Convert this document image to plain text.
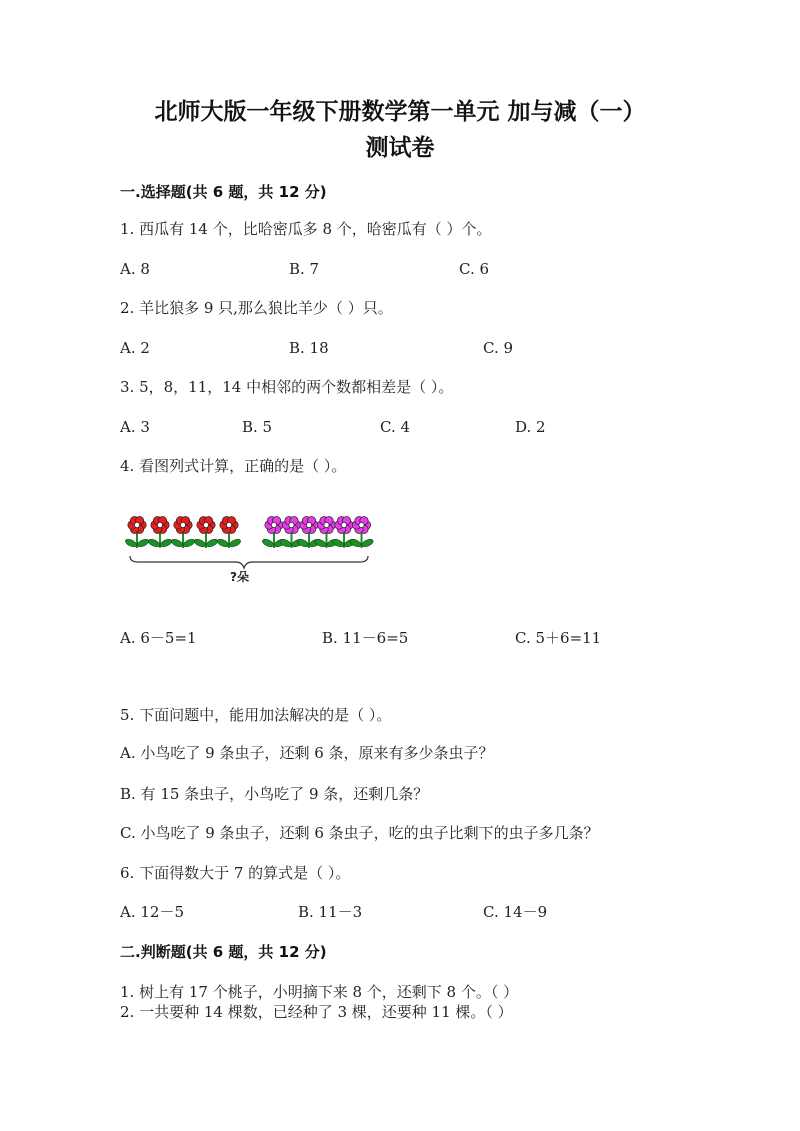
北师大版一年级下册数学第一单元 加与减（一）
测试卷
一.选择题(共 6 题，共 12 分)
1. 西瓜有 14 个，比哈密瓜多 8 个，哈密瓜有（ ）个。
A. 8	B. 7	C. 6
2. 羊比狼多 9 只,那么狼比羊少（ ）只。
A. 2	B. 18	C. 9
3. 5，8，11，14 中相邻的两个数都相差是（ ）。
A. 3	B. 5	C. 4	D. 2
4. 看图列式计算，正确的是（ ）。
?朵
A. 6－5=1	B. 11－6=5	C. 5＋6=11
5. 下面问题中，能用加法解决的是（ ）。
A. 小鸟吃了 9 条虫子，还剩 6 条，原来有多少条虫子？
B. 有 15 条虫子，小鸟吃了 9 条，还剩几条？
C. 小鸟吃了 9 条虫子，还剩 6 条虫子，吃的虫子比剩下的虫子多几条？
6. 下面得数大于 7 的算式是（ ）。
A. 12－5	B. 11－3	C. 14－9
二.判断题(共 6 题，共 12 分)
1. 树上有 17 个桃子，小明摘下来 8 个，还剩下 8 个。（ ）
2. 一共要种 14 棵数，已经种了 3 棵，还要种 11 棵。（ ）
